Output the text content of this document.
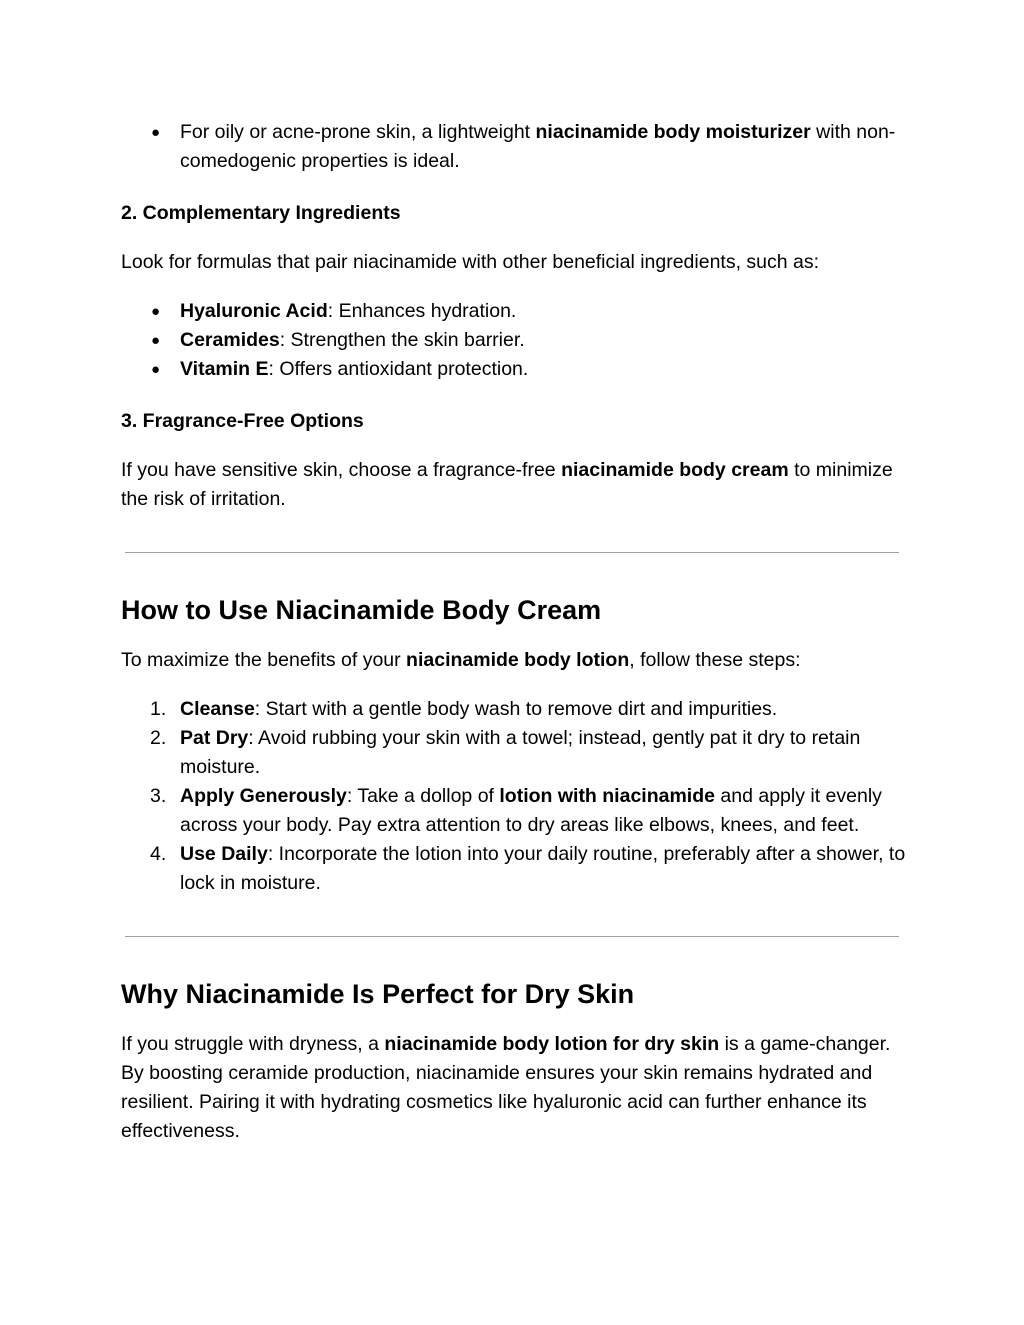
● For oily or acne-prone skin, a lightweight niacinamide body moisturizer with non-comedogenic properties is ideal.

2. Complementary Ingredients

Look for formulas that pair niacinamide with other beneficial ingredients, such as:

● Hyaluronic Acid: Enhances hydration.
● Ceramides: Strengthen the skin barrier.
● Vitamin E: Offers antioxidant protection.

3. Fragrance-Free Options

If you have sensitive skin, choose a fragrance-free niacinamide body cream to minimize the risk of irritation.

How to Use Niacinamide Body Cream

To maximize the benefits of your niacinamide body lotion, follow these steps:

1. Cleanse: Start with a gentle body wash to remove dirt and impurities.
2. Pat Dry: Avoid rubbing your skin with a towel; instead, gently pat it dry to retain moisture.
3. Apply Generously: Take a dollop of lotion with niacinamide and apply it evenly across your body. Pay extra attention to dry areas like elbows, knees, and feet.
4. Use Daily: Incorporate the lotion into your daily routine, preferably after a shower, to lock in moisture.

Why Niacinamide Is Perfect for Dry Skin

If you struggle with dryness, a niacinamide body lotion for dry skin is a game-changer. By boosting ceramide production, niacinamide ensures your skin remains hydrated and resilient. Pairing it with hydrating cosmetics like hyaluronic acid can further enhance its effectiveness.
